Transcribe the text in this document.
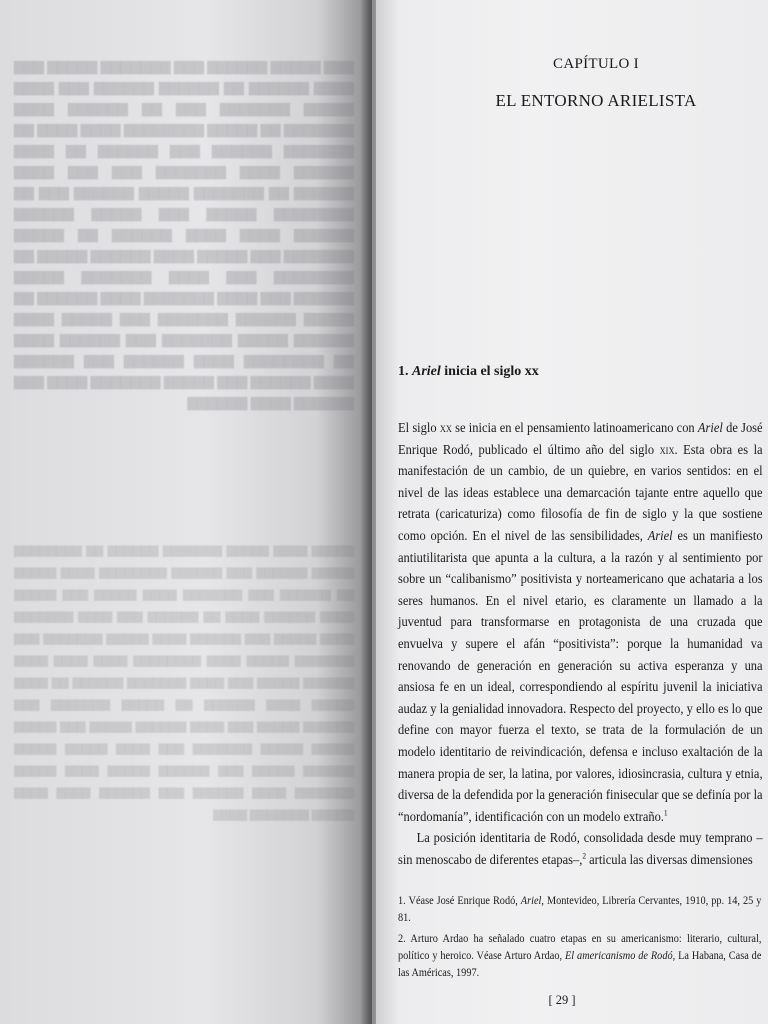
▇▇▇ ▇▇▇▇▇ ▇▇▇▇▇▇ ▇▇▇ ▇▇▇▇▇▇▇ ▇▇▇▇▇ ▇▇▇ ▇▇▇▇ ▇▇▇▇▇▇ ▇▇ ▇▇▇▇▇▇ ▇▇▇▇▇▇ ▇▇▇ ▇▇▇▇ ▇▇▇▇▇ ▇▇▇▇▇▇▇ ▇▇▇ ▇▇ ▇▇▇▇▇▇ ▇▇▇▇ ▇▇▇▇▇▇▇ ▇▇ ▇▇▇▇▇ ▇▇▇▇▇▇▇▇ ▇▇▇▇ ▇▇▇▇ ▇▇ ▇▇▇▇▇▇▇ ▇▇▇▇▇▇ ▇▇▇ ▇▇▇▇▇▇ ▇▇ ▇▇▇▇ ▇▇▇▇▇▇ ▇▇▇▇ ▇▇▇▇▇▇▇ ▇▇▇ ▇▇▇ ▇▇▇▇ ▇▇▇▇▇▇ ▇▇ ▇▇▇▇▇▇▇ ▇▇▇▇▇ ▇▇▇▇▇▇ ▇▇▇ ▇▇ ▇▇▇▇▇▇▇▇ ▇▇▇▇▇ ▇▇▇ ▇▇▇▇▇ ▇▇▇▇▇▇ ▇▇▇▇▇▇ ▇▇▇▇ ▇▇▇▇ ▇▇▇▇▇▇ ▇▇ ▇▇▇▇▇ ▇▇▇▇▇▇▇ ▇▇▇ ▇▇▇▇▇ ▇▇▇▇ ▇▇▇▇▇▇ ▇▇▇▇▇ ▇▇ ▇▇▇▇▇▇▇▇ ▇▇▇ ▇▇▇▇ ▇▇▇▇▇▇▇ ▇▇▇▇▇ ▇▇▇▇▇▇ ▇▇▇ ▇▇▇▇ ▇▇▇▇▇▇▇ ▇▇▇▇ ▇▇▇▇▇▇ ▇▇ ▇▇▇▇▇ ▇▇▇▇▇▇ ▇▇▇▇▇▇▇ ▇▇▇ ▇▇▇▇▇ ▇▇▇▇ ▇▇▇▇▇▇ ▇▇▇▇▇ ▇▇▇▇▇▇▇ ▇▇▇ ▇▇▇▇▇▇ ▇▇▇▇ ▇▇ ▇▇▇▇▇▇▇▇ ▇▇▇▇ ▇▇▇▇▇▇ ▇▇▇ ▇▇▇▇▇▇ ▇▇▇▇ ▇▇▇▇▇▇ ▇▇▇ ▇▇▇▇▇ ▇▇▇▇▇▇▇ ▇▇▇▇ ▇▇▇ ▇▇▇▇▇▇ ▇▇▇▇ ▇▇▇▇▇▇
▇▇▇▇▇ ▇▇▇▇ ▇▇▇▇▇ ▇▇▇▇▇▇▇ ▇▇▇▇▇▇ ▇▇ ▇▇▇▇▇▇▇▇ ▇▇▇▇▇ ▇▇▇▇▇▇ ▇▇▇ ▇▇▇▇▇▇ ▇▇▇▇▇▇▇▇ ▇▇▇▇ ▇▇▇▇▇ ▇▇ ▇▇▇▇▇▇ ▇▇▇ ▇▇▇▇▇▇▇ ▇▇▇▇ ▇▇▇▇▇ ▇▇▇ ▇▇▇▇▇ ▇▇▇▇ ▇▇▇▇▇▇ ▇▇▇▇ ▇▇ ▇▇▇▇▇▇ ▇▇▇ ▇▇▇▇ ▇▇▇▇▇▇▇ ▇▇▇▇ ▇▇▇▇▇ ▇▇▇ ▇▇▇▇▇▇ ▇▇▇▇ ▇▇▇▇▇ ▇▇▇▇▇▇▇ ▇▇▇ ▇▇▇▇▇▇▇ ▇▇▇▇▇ ▇▇▇▇ ▇▇▇▇▇▇▇▇ ▇▇▇▇ ▇▇▇▇ ▇▇▇▇ ▇▇▇▇▇▇ ▇▇▇▇▇ ▇▇▇ ▇▇▇▇ ▇▇▇▇▇▇▇ ▇▇▇▇▇▇ ▇▇ ▇▇▇▇ ▇▇▇▇▇ ▇▇▇▇ ▇▇▇▇▇▇ ▇▇ ▇▇▇▇▇ ▇▇▇▇▇▇▇ ▇▇▇ ▇▇▇▇▇▇ ▇▇▇▇▇ ▇▇▇ ▇▇▇▇ ▇▇▇▇▇▇ ▇▇▇▇▇ ▇▇▇ ▇▇▇▇▇ ▇▇▇▇▇ ▇▇▇▇▇ ▇▇▇▇▇▇▇ ▇▇▇ ▇▇▇▇ ▇▇▇▇▇ ▇▇▇▇▇ ▇▇▇▇▇▇ ▇▇▇▇▇ ▇▇▇ ▇▇▇▇▇▇ ▇▇▇▇▇ ▇▇▇▇ ▇▇▇▇▇ ▇▇▇▇▇▇▇ ▇▇▇▇ ▇▇▇▇▇▇ ▇▇▇ ▇▇▇▇▇▇ ▇▇▇▇ ▇▇▇▇ ▇▇▇▇▇ ▇▇▇▇▇▇▇ ▇▇▇▇
CAPÍTULO I
EL ENTORNO ARIELISTA
1. Ariel inicia el siglo xx

El siglo xx se inicia en el pensamiento latinoamericano con Ariel de José Enrique Rodó, publicado el último año del siglo xix. Esta obra es la manifestación de un cambio, de un quiebre, en varios sentidos: en el nivel de las ideas establece una demarcación tajante entre aquello que retrata (caricaturiza) como filosofía de fin de siglo y la que sostiene como opción. En el nivel de las sensibilidades, Ariel es un manifiesto antiutilitarista que apunta a la cultura, a la razón y al sentimiento por sobre un “calibanismo” positivista y norteamericano que achataria a los seres humanos. En el nivel etario, es claramente un llamado a la juventud para transformarse en protagonista de una cruzada que envuelva y supere el afán “positivista”: porque la humanidad va renovando de generación en generación su activa esperanza y una ansiosa fe en un ideal, correspondiendo al espíritu juvenil la iniciativa audaz y la genialidad innovadora. Respecto del proyecto, y ello es lo que define con mayor fuerza el texto, se trata de la formulación de un modelo identitario de reivindicación, defensa e incluso exaltación de la manera propia de ser, la latina, por valores, idiosincrasia, cultura y etnia, diversa de la defendida por la generación finisecular que se definía por la “nordomanía”, identificación con un modelo extraño.$^1$

La posición identitaria de Rodó, consolidada desde muy temprano –sin menoscabo de diferentes etapas–,$^2$ articula las diversas dimensiones

1. Véase José Enrique Rodó, Ariel, Montevideo, Librería Cervantes, 1910, pp. 14, 25 y 81.

2. Arturo Ardao ha señalado cuatro etapas en su americanismo: literario, cultural, político y heroico. Véase Arturo Ardao, El americanismo de Rodó, La Habana, Casa de las Américas, 1997.

[ 29 ]
